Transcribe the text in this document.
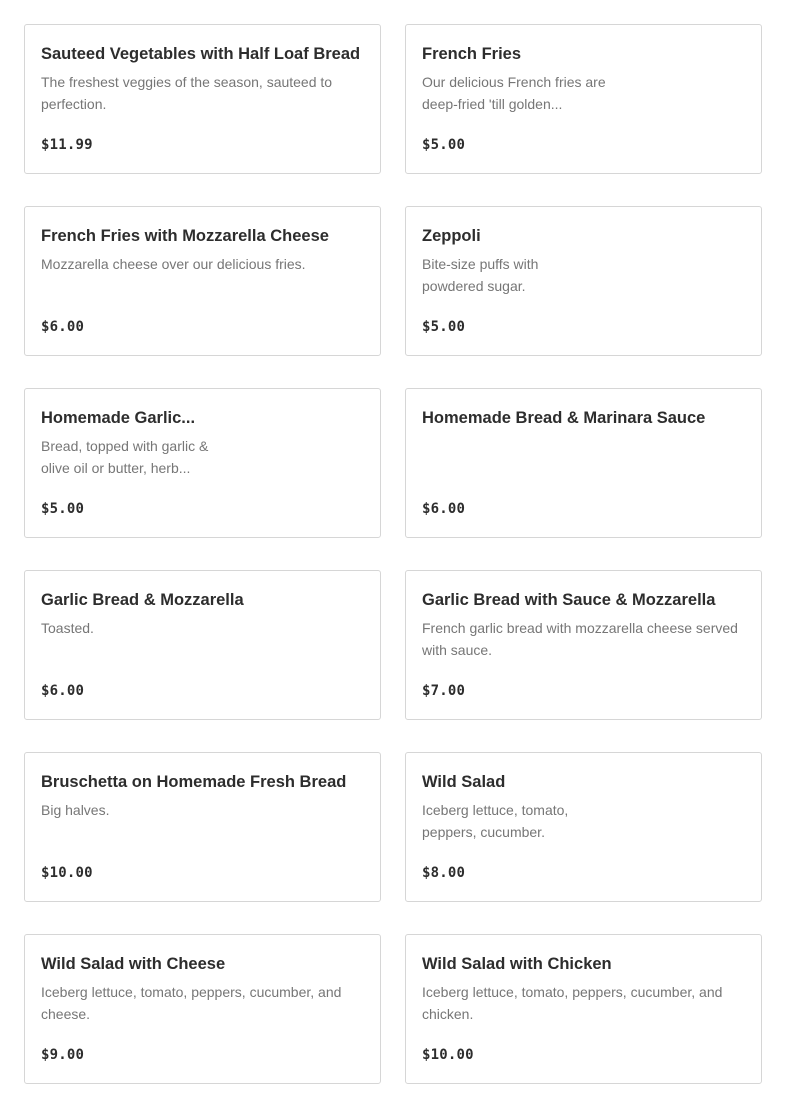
Sauteed Vegetables with Half Loaf Bread
The freshest veggies of the season, sauteed to perfection.
$11.99
French Fries
Our delicious French fries are deep-fried 'till golden...
$5.00
French Fries with Mozzarella Cheese
Mozzarella cheese over our delicious fries.
$6.00
Zeppoli
Bite-size puffs with powdered sugar.
$5.00
Homemade Garlic...
Bread, topped with garlic & olive oil or butter, herb...
$5.00
Homemade Bread & Marinara Sauce
$6.00
Garlic Bread & Mozzarella
Toasted.
$6.00
Garlic Bread with Sauce & Mozzarella
French garlic bread with mozzarella cheese served with sauce.
$7.00
Bruschetta on Homemade Fresh Bread
Big halves.
$10.00
Wild Salad
Iceberg lettuce, tomato, peppers, cucumber.
$8.00
Wild Salad with Cheese
Iceberg lettuce, tomato, peppers, cucumber, and cheese.
$9.00
Wild Salad with Chicken
Iceberg lettuce, tomato, peppers, cucumber, and chicken.
$10.00
